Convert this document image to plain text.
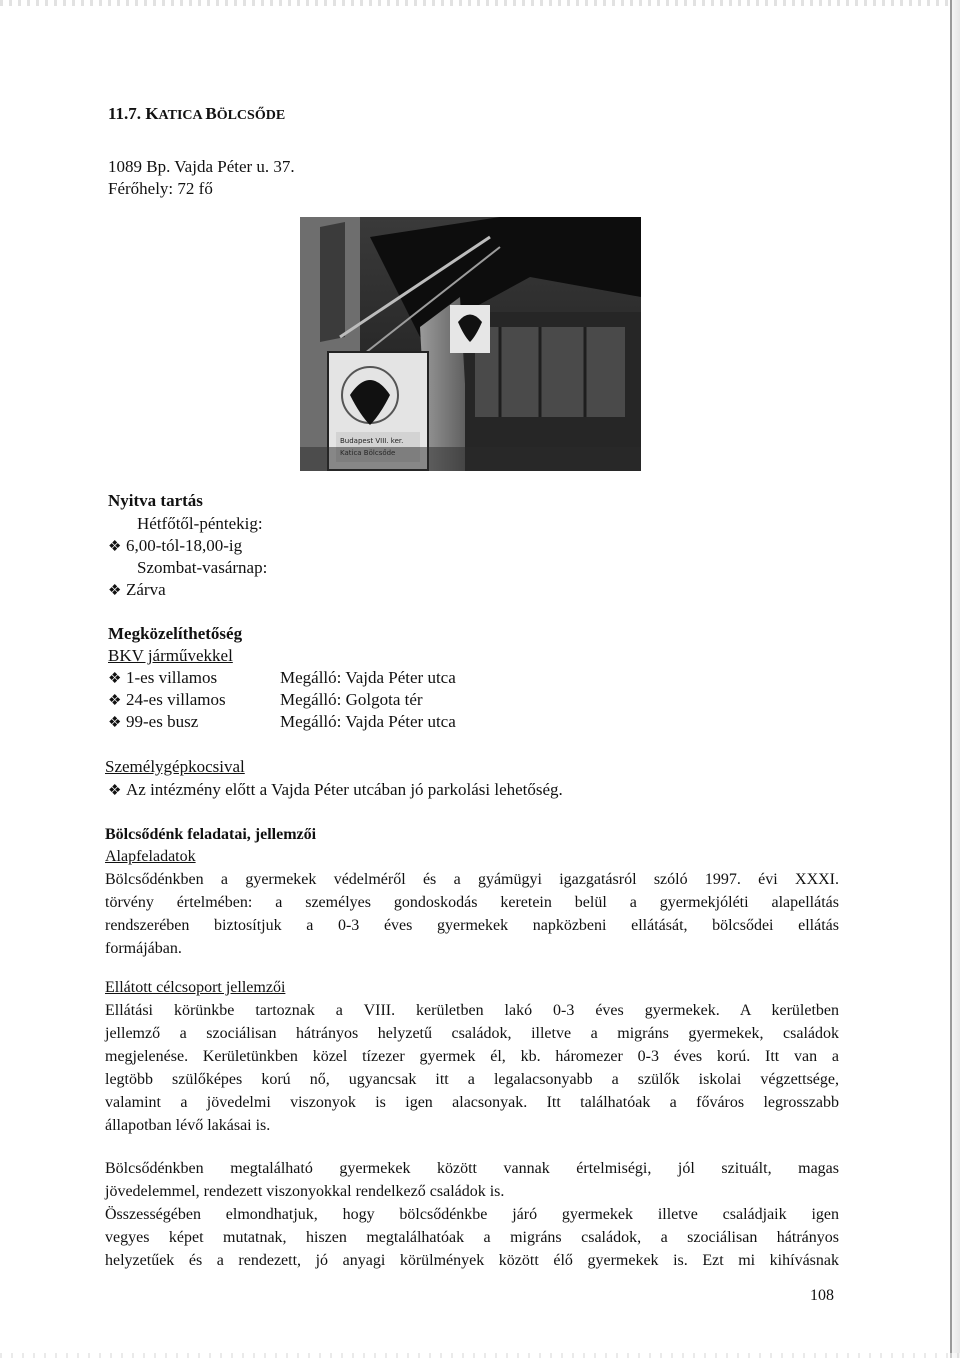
11.7. KATICA BÖLCSŐDE
1089 Bp. Vajda Péter u. 37.
Férőhely: 72 fő
Budapest VIII. ker.
Nyitva tartás
Hétfőtől-péntekig:
❖ 6,00-tól-18,00-ig
Szombat-vasárnap:
❖ Zárva
Megközelíthetőség
BKV járművekkel
❖ 1-es villamos	Megálló: Vajda Péter utca
❖ 24-es villamos	Megálló: Golgota tér
❖ 99-es busz	Megálló: Vajda Péter utca
Személygépkocsival
❖ Az intézmény előtt a Vajda Péter utcában jó parkolási lehetőség.
Bölcsődénk feladatai, jellemzői
Alapfeladatok
Bölcsődénkben a gyermekek védelméről és a gyámügyi igazgatásról szóló 1997. évi XXXI.
törvény értelmében: a személyes gondoskodás keretein belül a gyermekjóléti alapellátás
rendszerében biztosítjuk a 0-3 éves gyermekek napközbeni ellátását, bölcsődei ellátás
formájában.
Ellátott célcsoport jellemzői
Ellátási körünkbe tartoznak a VIII. kerületben lakó 0-3 éves gyermekek. A kerületben
jellemző a szociálisan hátrányos helyzetű családok, illetve a migráns gyermekek, családok
megjelenése. Kerületünkben közel tízezer gyermek él, kb. háromezer 0-3 éves korú. Itt van a
legtöbb szülőképes korú nő, ugyancsak itt a legalacsonyabb a szülők iskolai végzettsége,
valamint a jövedelmi viszonyok is igen alacsonyak. Itt találhatóak a főváros legrosszabb
állapotban lévő lakásai is.
Bölcsődénkben megtalálható gyermekek között vannak értelmiségi, jól szituált, magas
jövedelemmel, rendezett viszonyokkal rendelkező családok is.
Összességében elmondhatjuk, hogy bölcsődénkbe járó gyermekek illetve családjaik igen
vegyes képet mutatnak, hiszen megtalálhatóak a migráns családok, a szociálisan hátrányos
helyzetűek és a rendezett, jó anyagi körülmények között élő gyermekek is. Ezt mi kihívásnak
108
